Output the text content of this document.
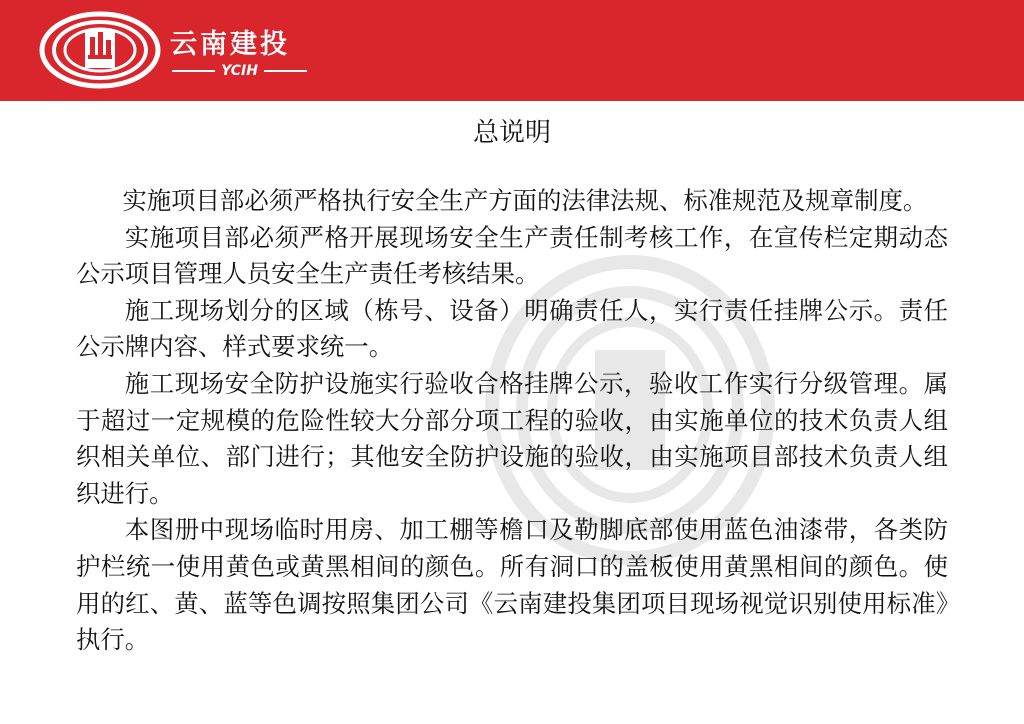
云南建投
YCIH
总说明

实施项目部必须严格执行安全生产方面的法律法规、标准规范及规章制度。

实施项目部必须严格开展现场安全生产责任制考核工作，在宣传栏定期动态公示项目管理人员安全生产责任考核结果。

施工现场划分的区域（栋号、设备）明确责任人，实行责任挂牌公示。责任公示牌内容、样式要求统一。

施工现场安全防护设施实行验收合格挂牌公示，验收工作实行分级管理。属于超过一定规模的危险性较大分部分项工程的验收，由实施单位的技术负责人组织相关单位、部门进行；其他安全防护设施的验收，由实施项目部技术负责人组织进行。

本图册中现场临时用房、加工棚等檐口及勒脚底部使用蓝色油漆带，各类防护栏统一使用黄色或黄黑相间的颜色。所有洞口的盖板使用黄黑相间的颜色。使用的红、黄、蓝等色调按照集团公司《云南建投集团项目现场视觉识别使用标准》执行。
